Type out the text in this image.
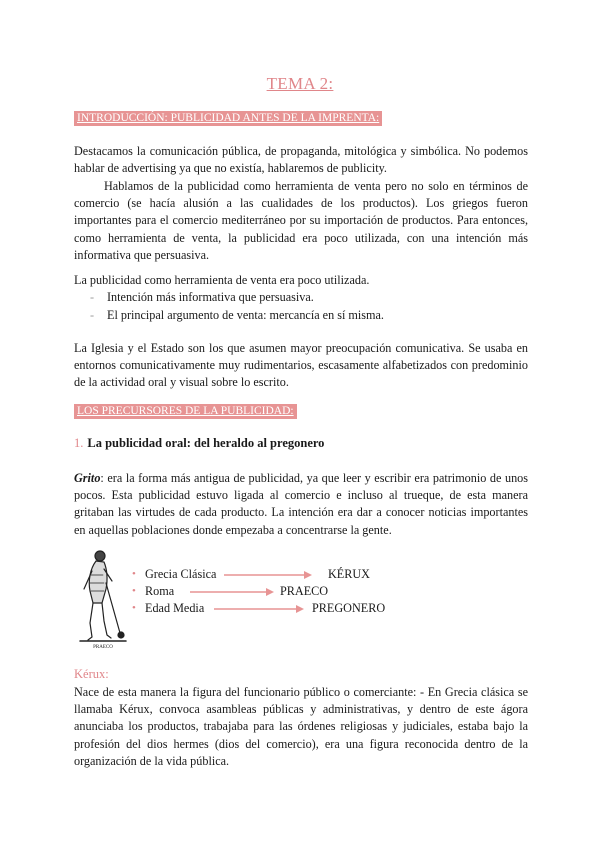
TEMA 2:
INTRODUCCIÓN: PUBLICIDAD ANTES DE LA IMPRENTA:

Destacamos la comunicación pública, de propaganda, mitológica y simbólica. No podemos hablar de advertising ya que no existía, hablaremos de publicity.

Hablamos de la publicidad como herramienta de venta pero no solo en términos de comercio (se hacía alusión a las cualidades de los productos). Los griegos fueron importantes para el comercio mediterráneo por su importación de productos. Para entonces, como herramienta de venta, la publicidad era poco utilizada, con una intención más informativa que persuasiva.

La publicidad como herramienta de venta era poco utilizada.

- Intención más informativa que persuasiva.
- El principal argumento de venta: mercancía en sí misma.

La Iglesia y el Estado son los que asumen mayor preocupación comunicativa. Se usaba en entornos comunicativamente muy rudimentarios, escasamente alfabetizados con predominio de la actividad oral y visual sobre lo escrito.

LOS PRECURSORES DE LA PUBLICIDAD:
1. La publicidad oral: del heraldo al pregonero

Grito: era la forma más antigua de publicidad, ya que leer y escribir era patrimonio de unos pocos. Esta publicidad estuvo ligada al comercio e incluso al trueque, de esta manera gritaban las virtudes de cada producto. La intención era dar a conocer noticias importantes en aquellas poblaciones donde empezaba a concentrarse la gente.

PRAECO
• Grecia Clásica	KÉRUX
• Roma	PRAECO
• Edad Media	PREGONERO
Kérux:

Nace de esta manera la figura del funcionario público o comerciante: - En Grecia clásica se llamaba Kérux, convoca asambleas públicas y administrativas, y dentro de este ágora anunciaba los productos, trabajaba para las órdenes religiosas y judiciales, estaba bajo la profesión del dios hermes (dios del comercio), era una figura reconocida dentro de la organización de la vida pública.
